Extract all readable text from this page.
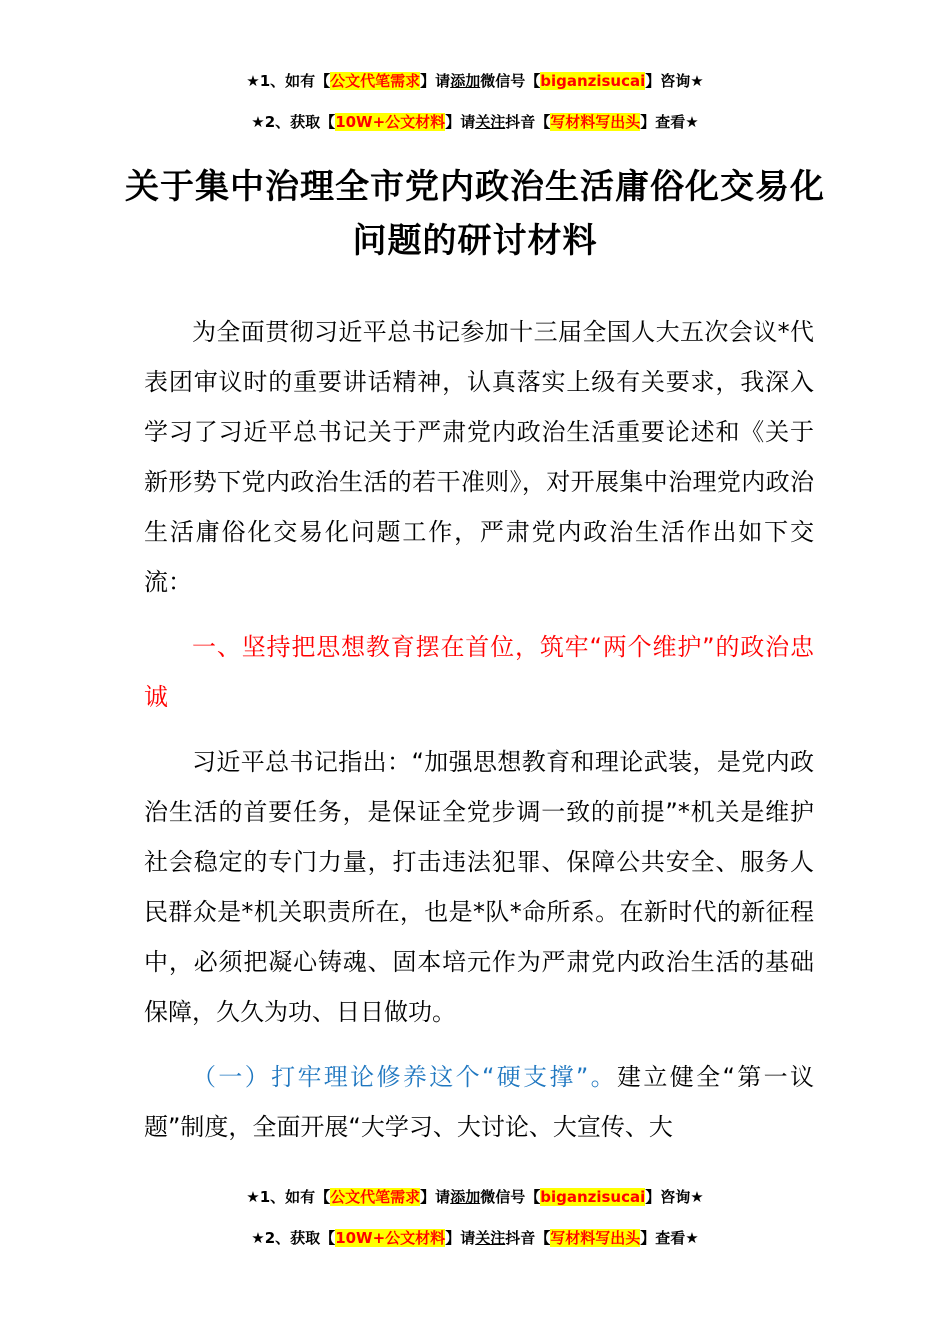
★1、如有【公文代笔需求】请添加微信号【biganzisucai】咨询★
★2、获取【10W+公文材料】请关注抖音【写材料写出头】查看★
关于集中治理全市党内政治生活庸俗化交易化问题的研讨材料

为全面贯彻习近平总书记参加十三届全国人大五次会议*代表团审议时的重要讲话精神，认真落实上级有关要求，我深入学习了习近平总书记关于严肃党内政治生活重要论述和《关于新形势下党内政治生活的若干准则》，对开展集中治理党内政治生活庸俗化交易化问题工作，严肃党内政治生活作出如下交流：

一、坚持把思想教育摆在首位，筑牢“两个维护”的政治忠诚

习近平总书记指出：“加强思想教育和理论武装，是党内政治生活的首要任务，是保证全党步调一致的前提”*机关是维护社会稳定的专门力量，打击违法犯罪、保障公共安全、服务人民群众是*机关职责所在，也是*队*命所系。在新时代的新征程中，必须把凝心铸魂、固本培元作为严肃党内政治生活的基础保障，久久为功、日日做功。

（一）打牢理论修养这个“硬支撑”。建立健全“第一议题”制度，全面开展“大学习、大讨论、大宣传、大

★1、如有【公文代笔需求】请添加微信号【biganzisucai】咨询★
★2、获取【10W+公文材料】请关注抖音【写材料写出头】查看★
